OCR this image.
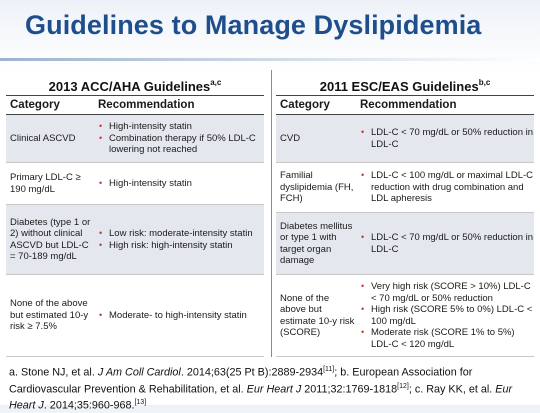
Guidelines to Manage Dyslipidemia
2013 ACC/AHA Guidelines$^{a,c}$
Category	Recommendation
Clinical ASCVD
• High-intensity statin
• Combination therapy if 50% LDL-C lowering not reached
Primary LDL-C ≥ 190 mg/dL
• High-intensity statin
Diabetes (type 1 or 2) without clinical ASCVD but LDL-C = 70-189 mg/dL
• Low risk: moderate-intensity statin
• High risk: high-intensity statin
None of the above but estimated 10-y risk ≥ 7.5%
• Moderate- to high-intensity statin
2011 ESC/EAS Guidelines$^{b,c}$
Category	Recommendation
CVD
• LDL-C < 70 mg/dL or 50% reduction in LDL-C
Familial dyslipidemia (FH, FCH)
• LDL-C < 100 mg/dL or maximal LDL-C reduction with drug combination and LDL apheresis
Diabetes mellitus or type 1 with target organ damage
• LDL-C < 70 mg/dL or 50% reduction in LDL-C
None of the above but estimate 10-y risk (SCORE)
• Very high risk (SCORE > 10%) LDL-C < 70 mg/dL or 50% reduction
• High risk (SCORE 5% to 0%) LDL-C < 100 mg/dL
• Moderate risk (SCORE 1% to 5%) LDL-C < 120 mg/dL
a. Stone NJ, et al. J Am Coll Cardiol. 2014;63(25 Pt B):2889-2934[11]; b. European Association for Cardiovascular Prevention & Rehabilitation, et al. Eur Heart J 2011;32:1769-1818[12]; c. Ray KK, et al. Eur Heart J. 2014;35:960-968.[13]
